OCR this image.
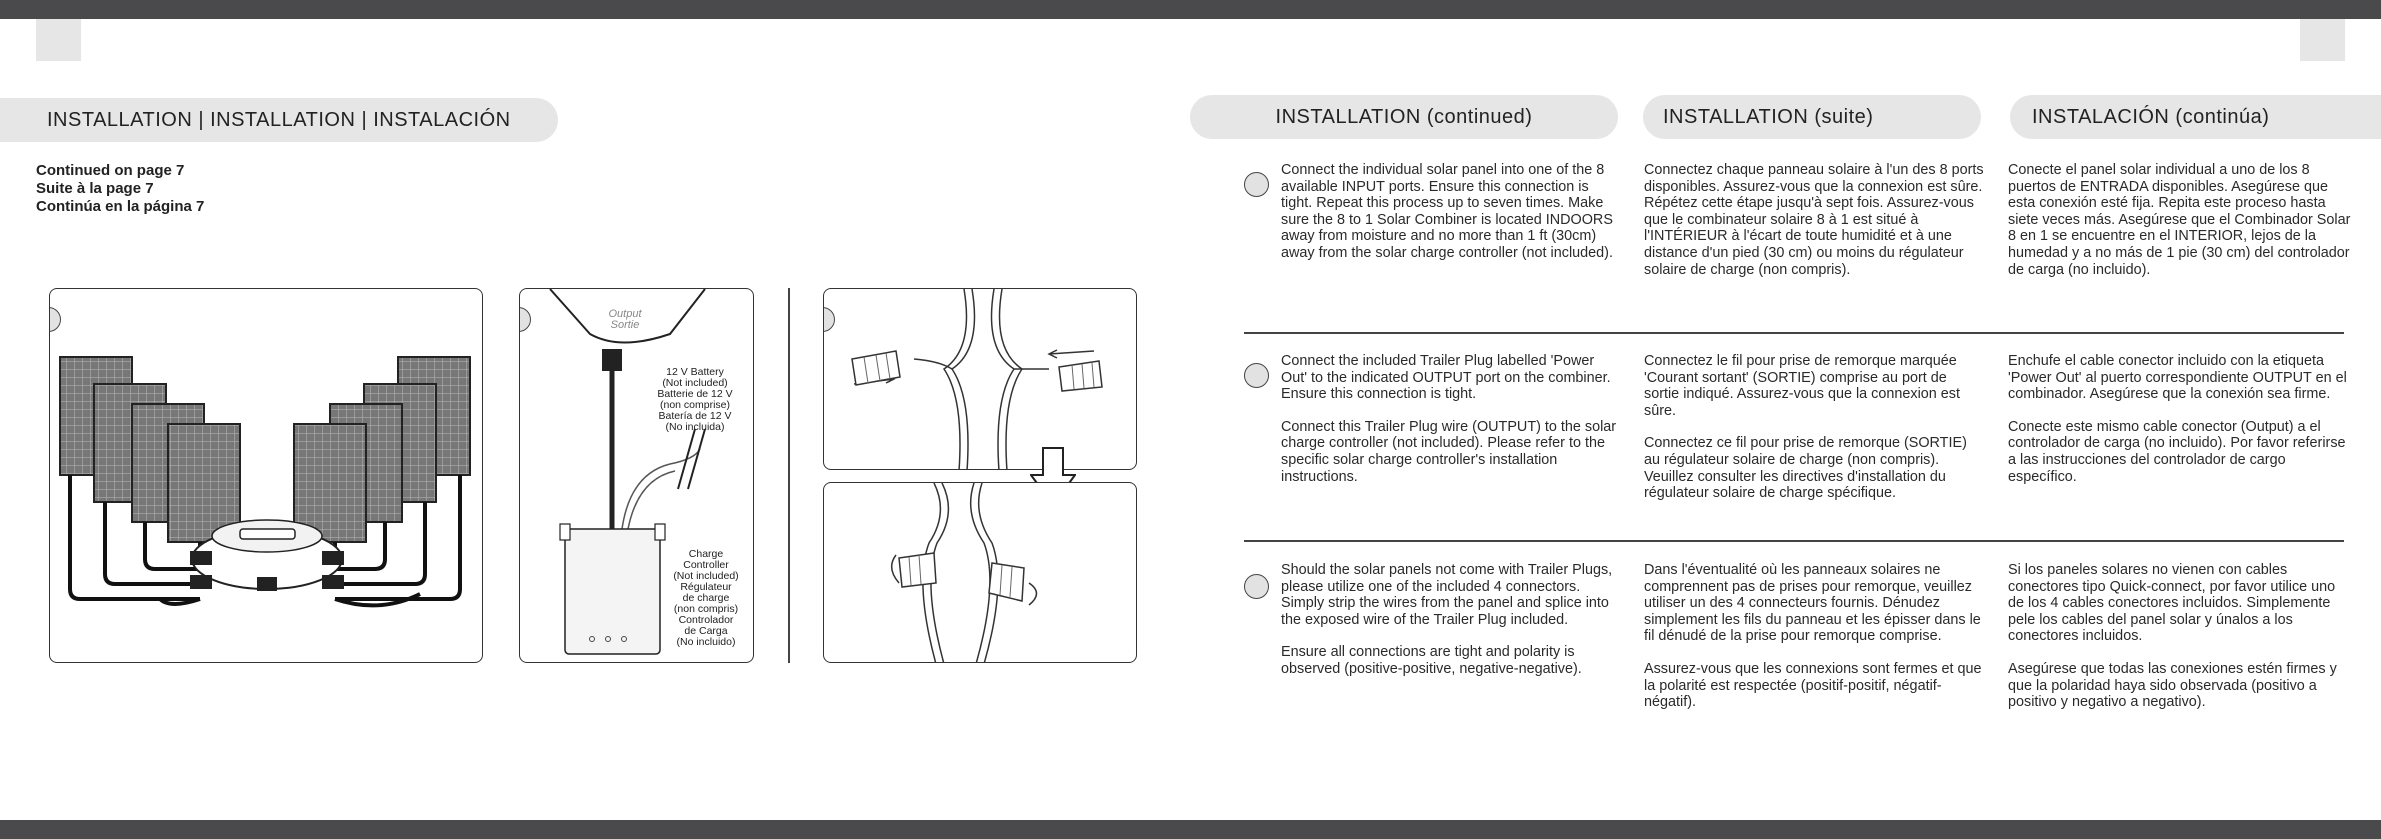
INSTALLATION | INSTALLATION | INSTALACIÓN
Continued on page 7
Suite à la page 7
Continúa en la página 7
Output
Sortie
12 V Battery
(Not included)
Batterie de 12 V
(non comprise)
Batería de 12 V
(No incluida)
Charge
Controller
(Not included)
Régulateur
de charge
(non compris)
Controlador
de Carga
(No incluido)
INSTALLATION (continued)	INSTALLATION (suite)	INSTALACIÓN (continúa)

Connect the individual solar panel into one of the 8 available INPUT ports. Ensure this connection is tight. Repeat this process up to seven times. Make sure the 8 to 1 Solar Combiner is located INDOORS away from moisture and no more than 1 ft (30cm) away from the solar charge controller (not included).

Connectez chaque panneau solaire à l'un des 8 ports disponibles. Assurez-vous que la connexion est sûre. Répétez cette étape jusqu'à sept fois. Assurez-vous que le combinateur solaire 8 à 1 est situé à l'INTÉRIEUR à l'écart de toute humidité et à une distance d'un pied (30 cm) ou moins du régulateur solaire de charge (non compris).

Conecte el panel solar individual a uno de los 8 puertos de ENTRADA disponibles. Asegúrese que esta conexión esté fija. Repita este proceso hasta siete veces más. Asegúrese que el Combinador Solar 8 en 1 se encuentre en el INTERIOR, lejos de la humedad y a no más de 1 pie (30 cm) del controlador de carga (no incluido).

Connect the included Trailer Plug labelled 'Power Out' to the indicated OUTPUT port on the combiner. Ensure this connection is tight.

Connect this Trailer Plug wire (OUTPUT) to the solar charge controller (not included). Please refer to the specific solar charge controller's installation instructions.

Connectez le fil pour prise de remorque marquée 'Courant sortant' (SORTIE) comprise au port de sortie indiqué. Assurez-vous que la connexion est sûre.

Connectez ce fil pour prise de remorque (SORTIE) au régulateur solaire de charge (non compris). Veuillez consulter les directives d'installation du régulateur solaire de charge spécifique.

Enchufe el cable conector incluido con la etiqueta 'Power Out' al puerto correspondiente OUTPUT en el combinador. Asegúrese que la conexión sea firme.

Conecte este mismo cable conector (Output) a el controlador de carga (no incluido). Por favor referirse a las instrucciones del controlador de cargo específico.

Should the solar panels not come with Trailer Plugs, please utilize one of the included 4 connectors. Simply strip the wires from the panel and splice into the exposed wire of the Trailer Plug included.

Ensure all connections are tight and polarity is observed (positive-positive, negative-negative).

Dans l'éventualité où les panneaux solaires ne comprennent pas de prises pour remorque, veuillez utiliser un des 4 connecteurs fournis. Dénudez simplement les fils du panneau et les épisser dans le fil dénudé de la prise pour remorque comprise.

Assurez-vous que les connexions sont fermes et que la polarité est respectée (positif-positif, négatif-négatif).

Si los paneles solares no vienen con cables conectores tipo Quick-connect, por favor utilice uno de los 4 cables conectores incluidos. Simplemente pele los cables del panel solar y únalos a los conectores incluidos.

Asegúrese que todas las conexiones estén firmes y que la polaridad haya sido observada (positivo a positivo y negativo a negativo).
